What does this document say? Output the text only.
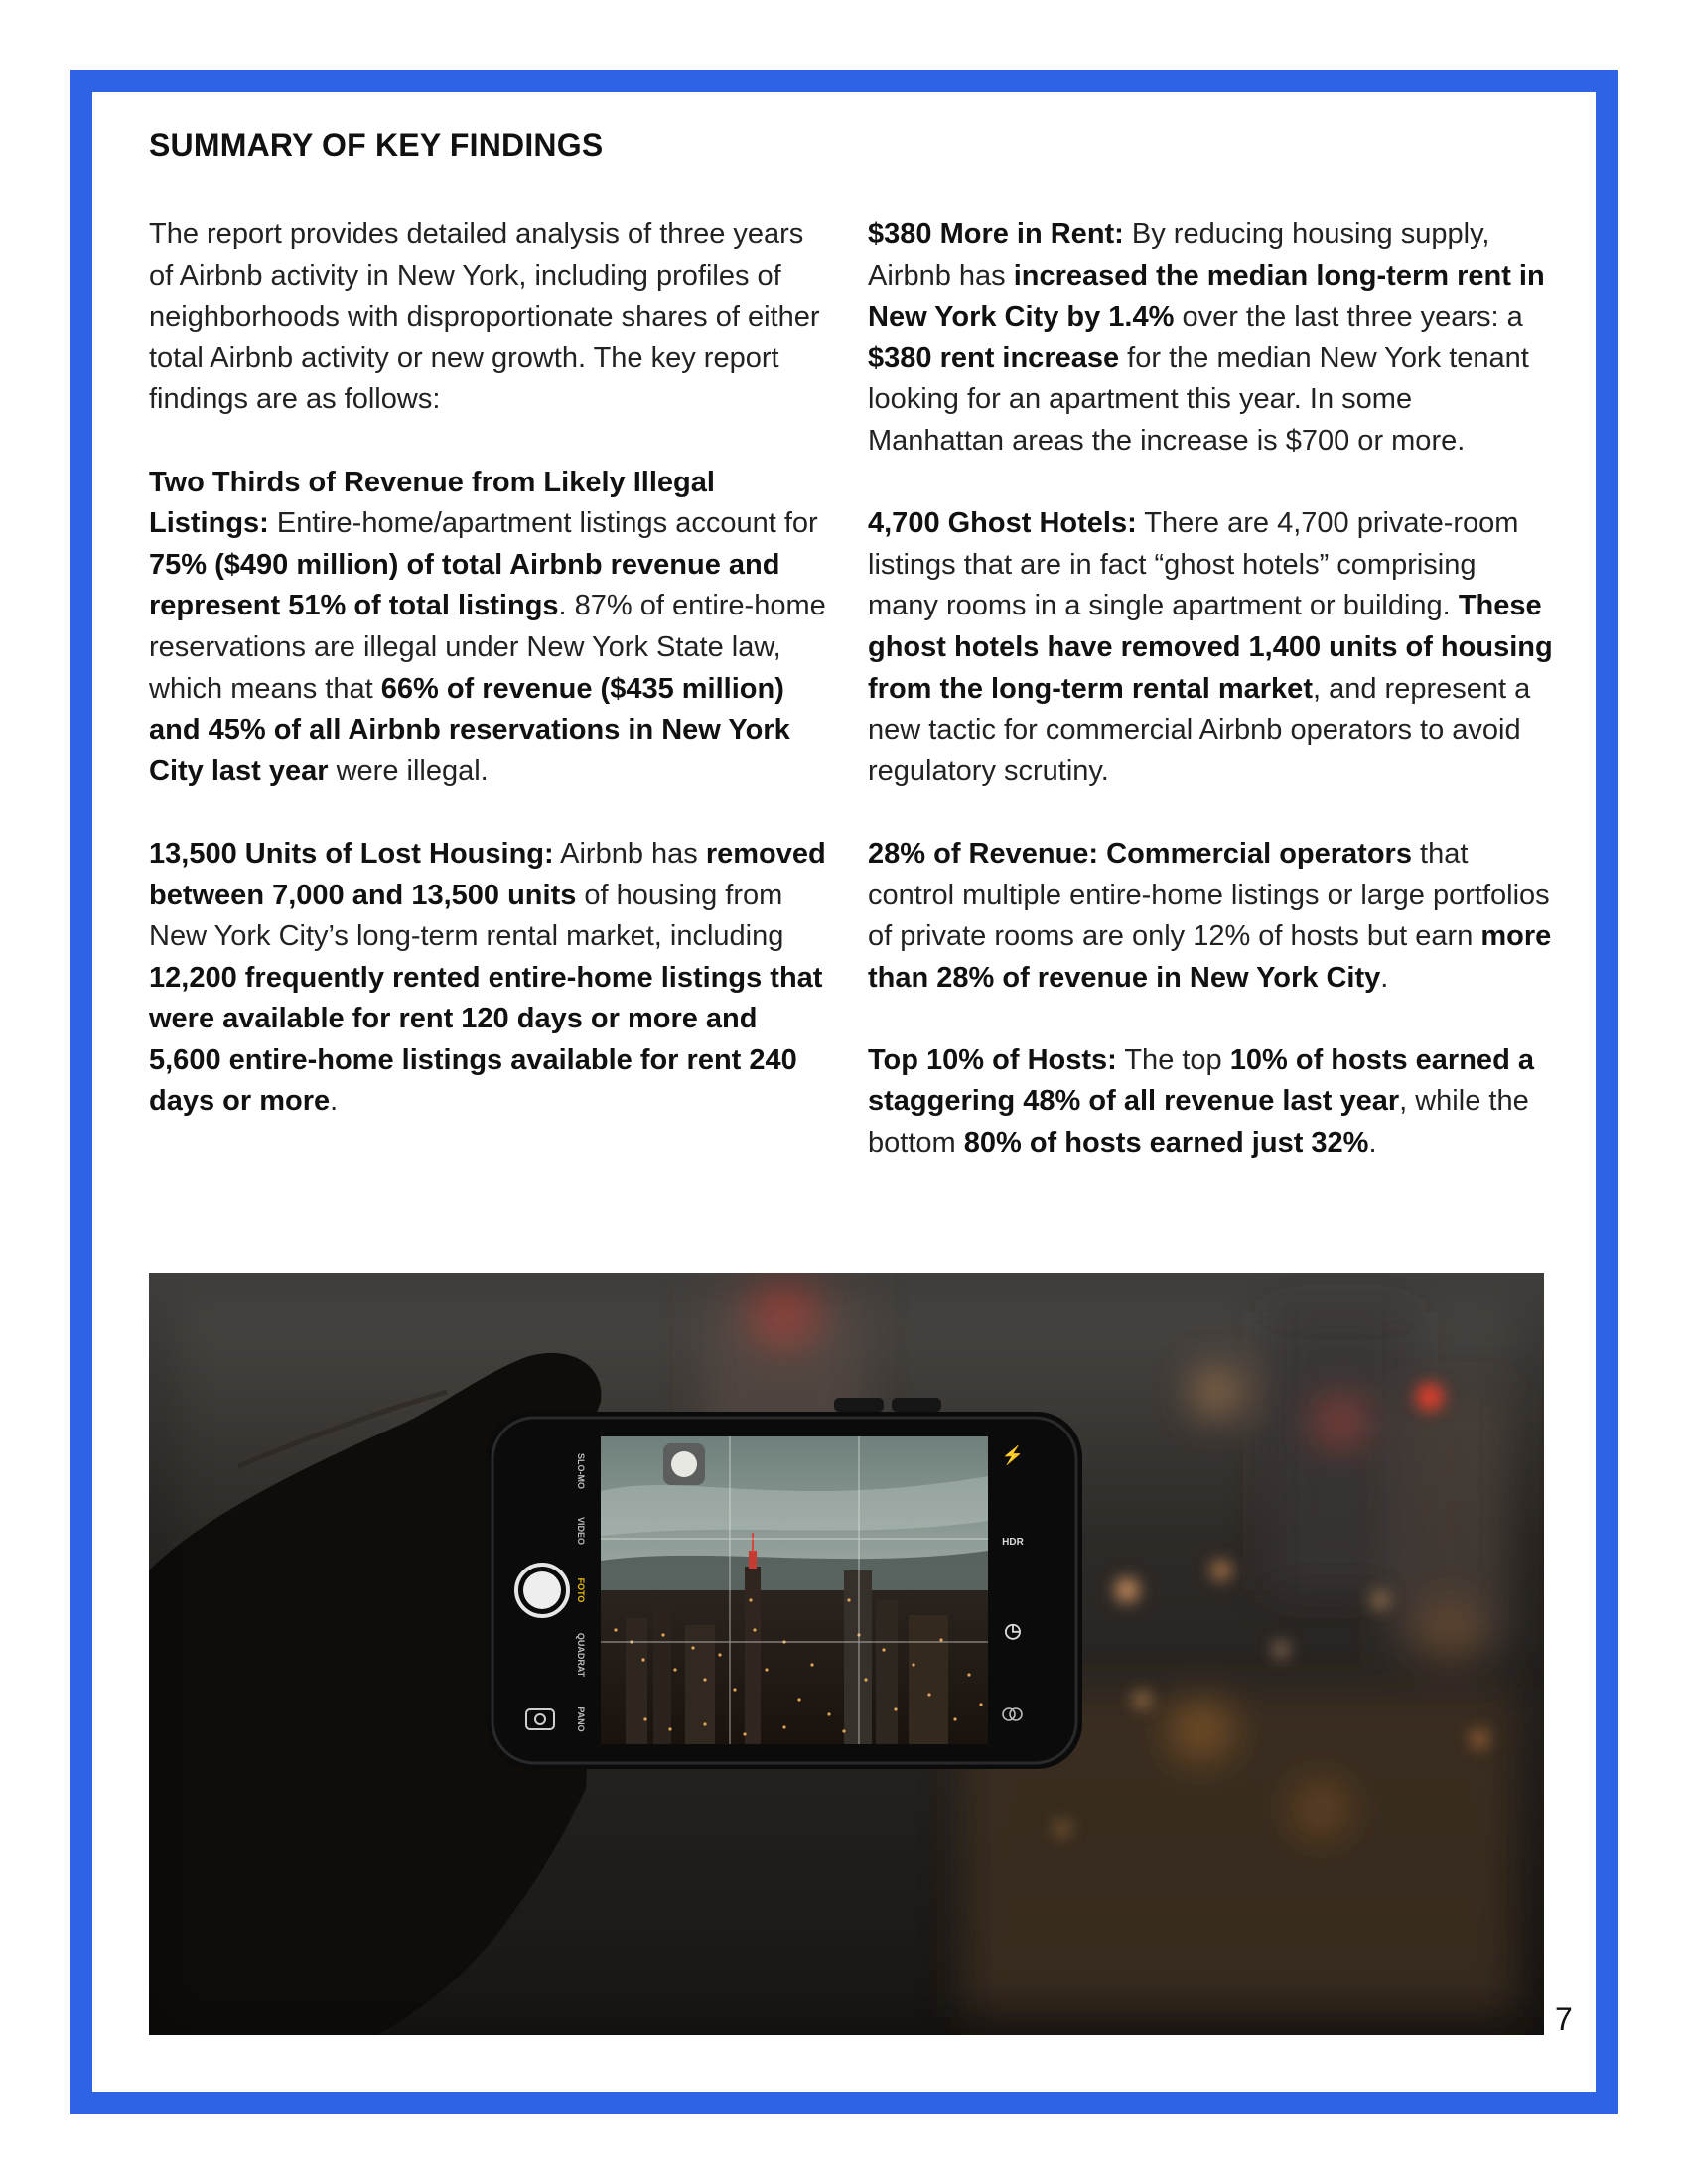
SUMMARY OF KEY FINDINGS

The report provides detailed analysis of three years of Airbnb activity in New York, including profiles of neighborhoods with disproportionate shares of either total Airbnb activity or new growth. The key report findings are as follows:

Two Thirds of Revenue from Likely Illegal Listings: Entire-home/apartment listings account for 75% ($490 million) of total Airbnb revenue and represent 51% of total listings. 87% of entire-home reservations are illegal under New York State law, which means that 66% of revenue ($435 million) and 45% of all Airbnb reservations in New York City last year were illegal.

13,500 Units of Lost Housing: Airbnb has removed between 7,000 and 13,500 units of housing from New York City’s long-term rental market, including 12,200 frequently rented entire-home listings that were available for rent 120 days or more and 5,600 entire-home listings available for rent 240 days or more.

$380 More in Rent: By reducing housing supply, Airbnb has increased the median long-term rent in New York City by 1.4% over the last three years: a $380 rent increase for the median New York tenant looking for an apartment this year. In some Manhattan areas the increase is $700 or more.

4,700 Ghost Hotels: There are 4,700 private-room listings that are in fact “ghost hotels” comprising many rooms in a single apartment or building. These ghost hotels have removed 1,400 units of housing from the long-term rental market, and represent a new tactic for commercial Airbnb operators to avoid regulatory scrutiny.

28% of Revenue: Commercial operators that control multiple entire-home listings or large portfolios of private rooms are only 12% of hosts but earn more than 28% of revenue in New York City.

Top 10% of Hosts: The top 10% of hosts earned a staggering 48% of all revenue last year, while the bottom 80% of hosts earned just 32%.

SLO-MO
VIDEO
FOTO
QUADRAT
PANO
⚡
HDR
◷
7
